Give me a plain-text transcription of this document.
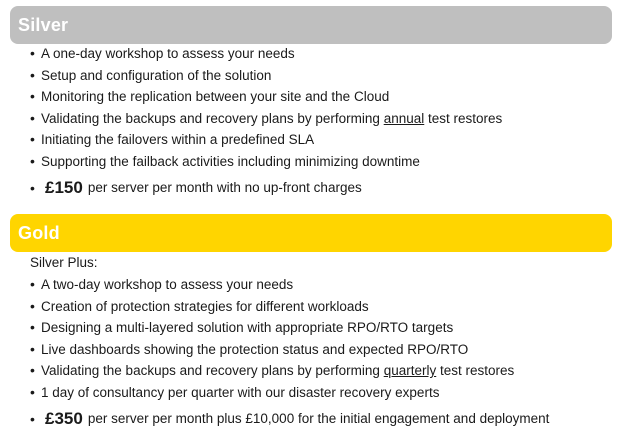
Silver
• A one-day workshop to assess your needs
• Setup and configuration of the solution
• Monitoring the replication between your site and the Cloud
• Validating the backups and recovery plans by performing annual test restores
• Initiating the failovers within a predefined SLA
• Supporting the failback activities including minimizing downtime
• £150 per server per month with no up-front charges
Gold
Silver Plus:
• A two-day workshop to assess your needs
• Creation of protection strategies for different workloads
• Designing a multi-layered solution with appropriate RPO/RTO targets
• Live dashboards showing the protection status and expected RPO/RTO
• Validating the backups and recovery plans by performing quarterly test restores
• 1 day of consultancy per quarter with our disaster recovery experts
• £350 per server per month plus £10,000 for the initial engagement and deployment
